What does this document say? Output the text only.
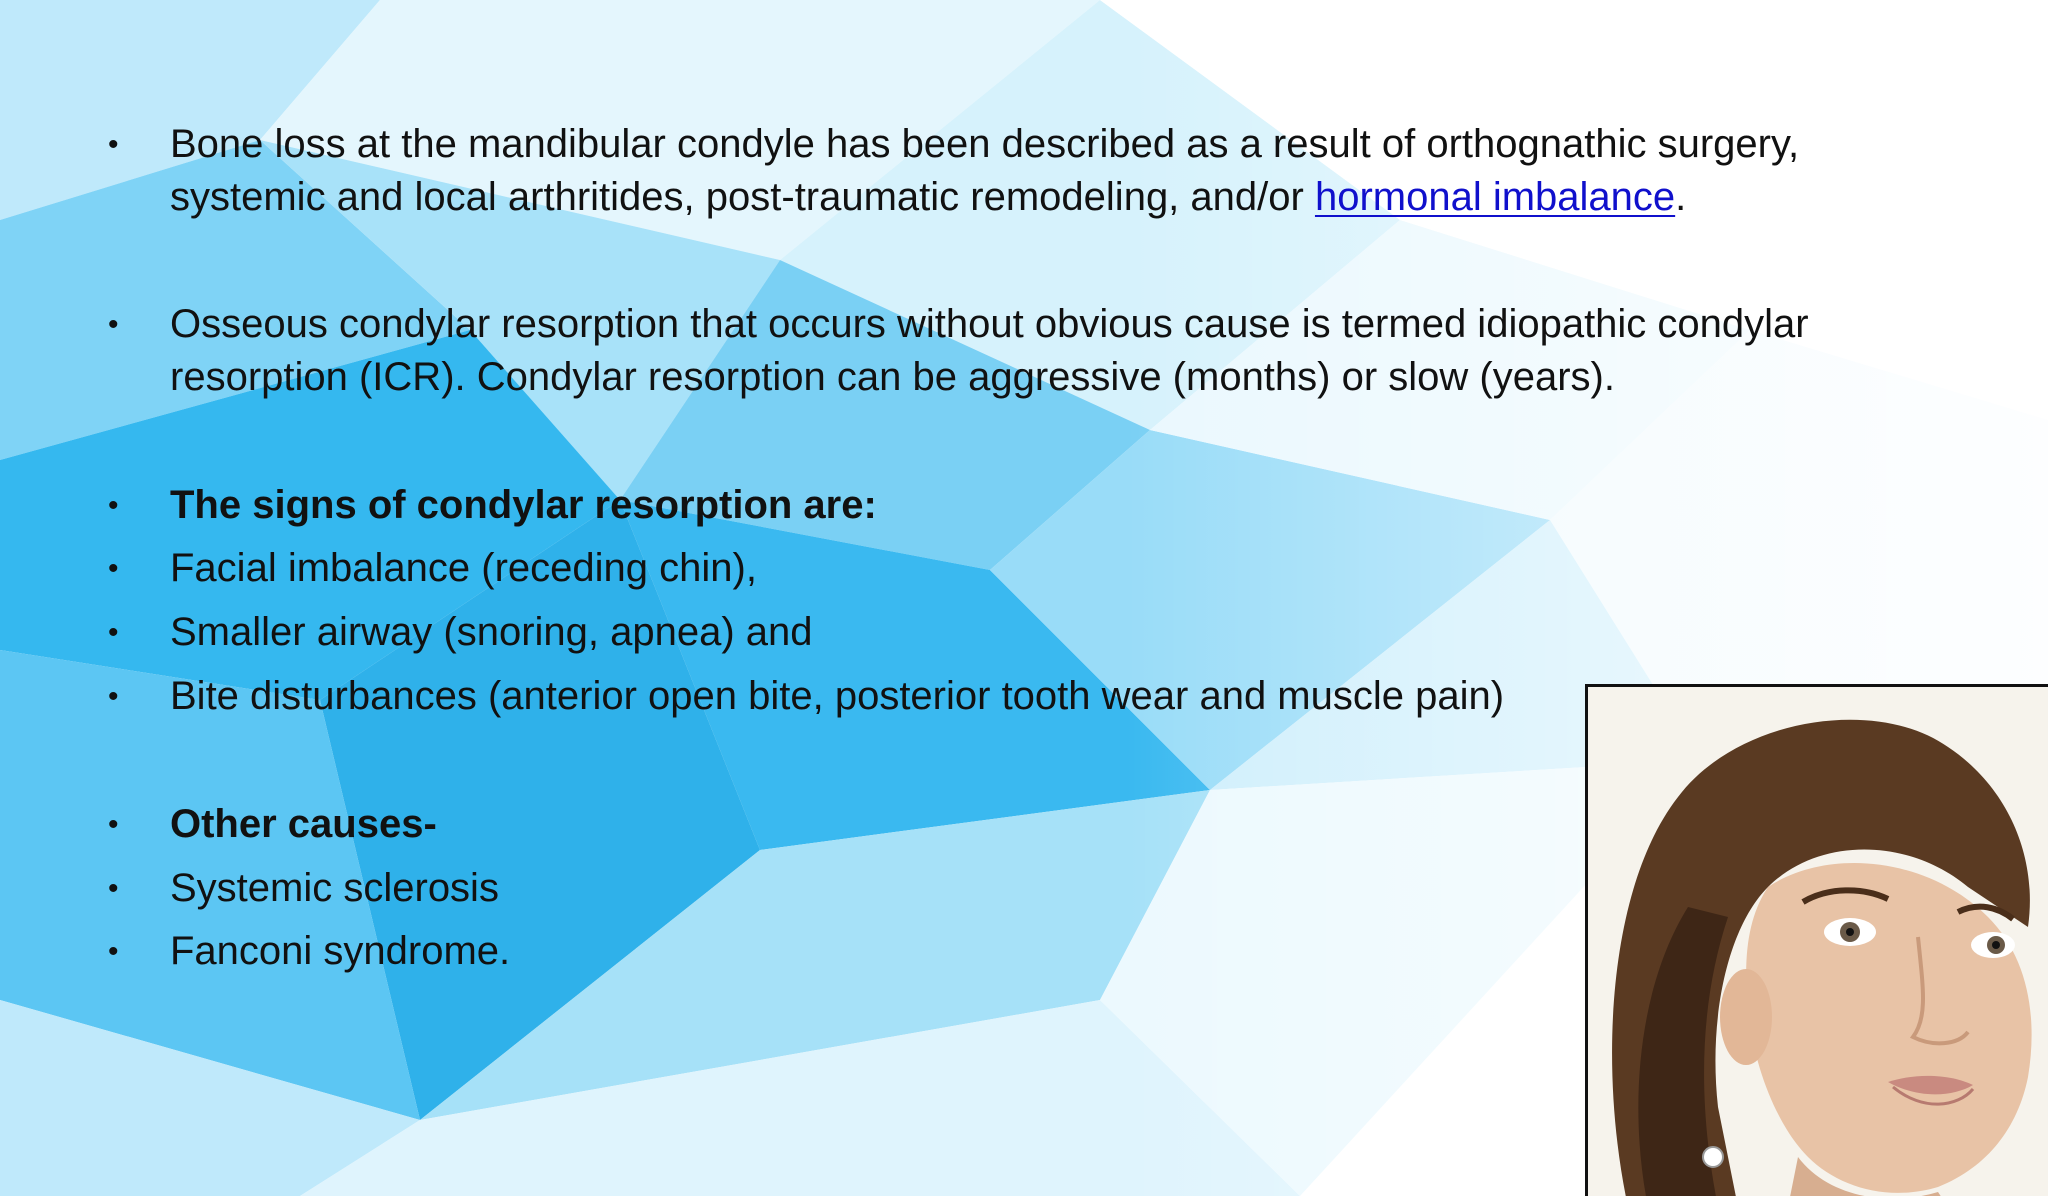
•	Bone loss at the mandibular condyle has been described as a result of orthognathic surgery,
systemic and local arthritides, post-traumatic remodeling, and/or hormonal imbalance.
•	Osseous condylar resorption that occurs without obvious cause is termed idiopathic condylar
resorption (ICR). Condylar resorption can be aggressive (months) or slow (years).
•	The signs of condylar resorption are:
•	Facial imbalance (receding chin),
•	Smaller airway (snoring, apnea) and
•	Bite disturbances (anterior open bite, posterior tooth wear and muscle pain)
•	Other causes-
•	Systemic sclerosis
•	Fanconi syndrome.
